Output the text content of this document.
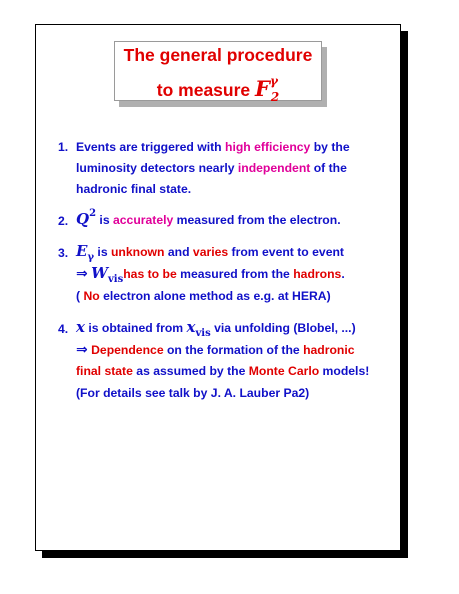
The general procedure
to measure $F^\gamma_2$
1. Events are triggered with high efficiency by the
luminosity detectors nearly independent of the
hadronic final state.
2. $Q^2$ is accurately measured from the electron.
3. $E_\gamma$ is unknown and varies from event to event
⇒ $W_{vis}has$ to be measured from the hadrons.
( No electron alone method as e.g. at HERA)
4. x is obtained from $x_{vis}$ via unfolding (Blobel, ...)
⇒ Dependence on the formation of the hadronic
final state as assumed by the Monte Carlo models!
(For details see talk by J. A. Lauber Pa2)
